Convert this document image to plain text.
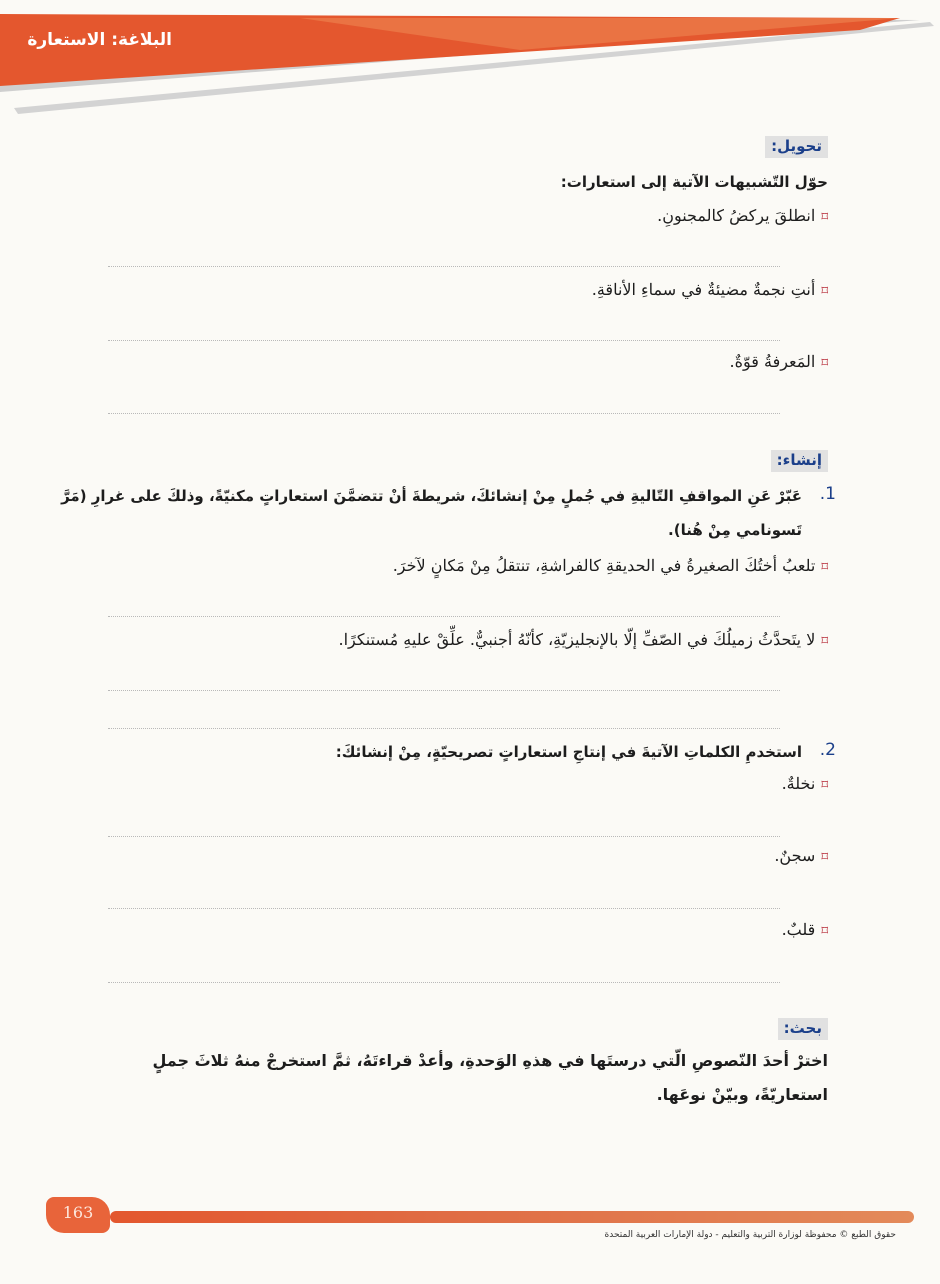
البلاغة: الاستعارة
تحويل:
حوّل التّشبيهات الآتية إلى استعارات:
⌑انطلقَ يركضُ كالمجنونِ.
⌑أنتِ نجمةٌ مضيئةٌ في سماءِ الأناقةِ.
⌑المَعرفةُ قوّةٌ.
إنشاء:
1.
عَبّرْ عَنِ المواقفِ التّاليةِ في جُملٍ مِنْ إنشائكَ، شريطةَ أنْ تتضمَّنَ استعاراتٍ مكنيّةً، وذلكَ على غرارِ (مَرَّ
تَسونامي مِنْ هُنا).
⌑تلعبُ أختُكَ الصغيرةُ في الحديقةِ كالفراشةِ، تنتقلُ مِنْ مَكانٍ لآخرَ.
⌑لا يتَحدَّثُ زميلُكَ في الصّفِّ إلّا بالإنجليزيّةِ، كأنّهُ أجنبيٌّ. علِّقْ عليهِ مُستنكرًا.
2.
استخدمِ الكلماتِ الآتيةَ في إنتاجِ استعاراتٍ تصريحيّةٍ، مِنْ إنشائكَ:
⌑نخلةٌ.
⌑سجنٌ.
⌑قلبٌ.
بحث:
اخترْ أحدَ النّصوصِ الّتي درستَها في هذهِ الوَحدةِ، وأعدْ قراءتَهُ، ثمَّ استخرجْ منهُ ثلاثَ جملٍ
استعاريّةً، وبيّنْ نوعَها.
163
حقوق الطبع © محفوظة لوزارة التربية والتعليم - دولة الإمارات العربية المتحدة
